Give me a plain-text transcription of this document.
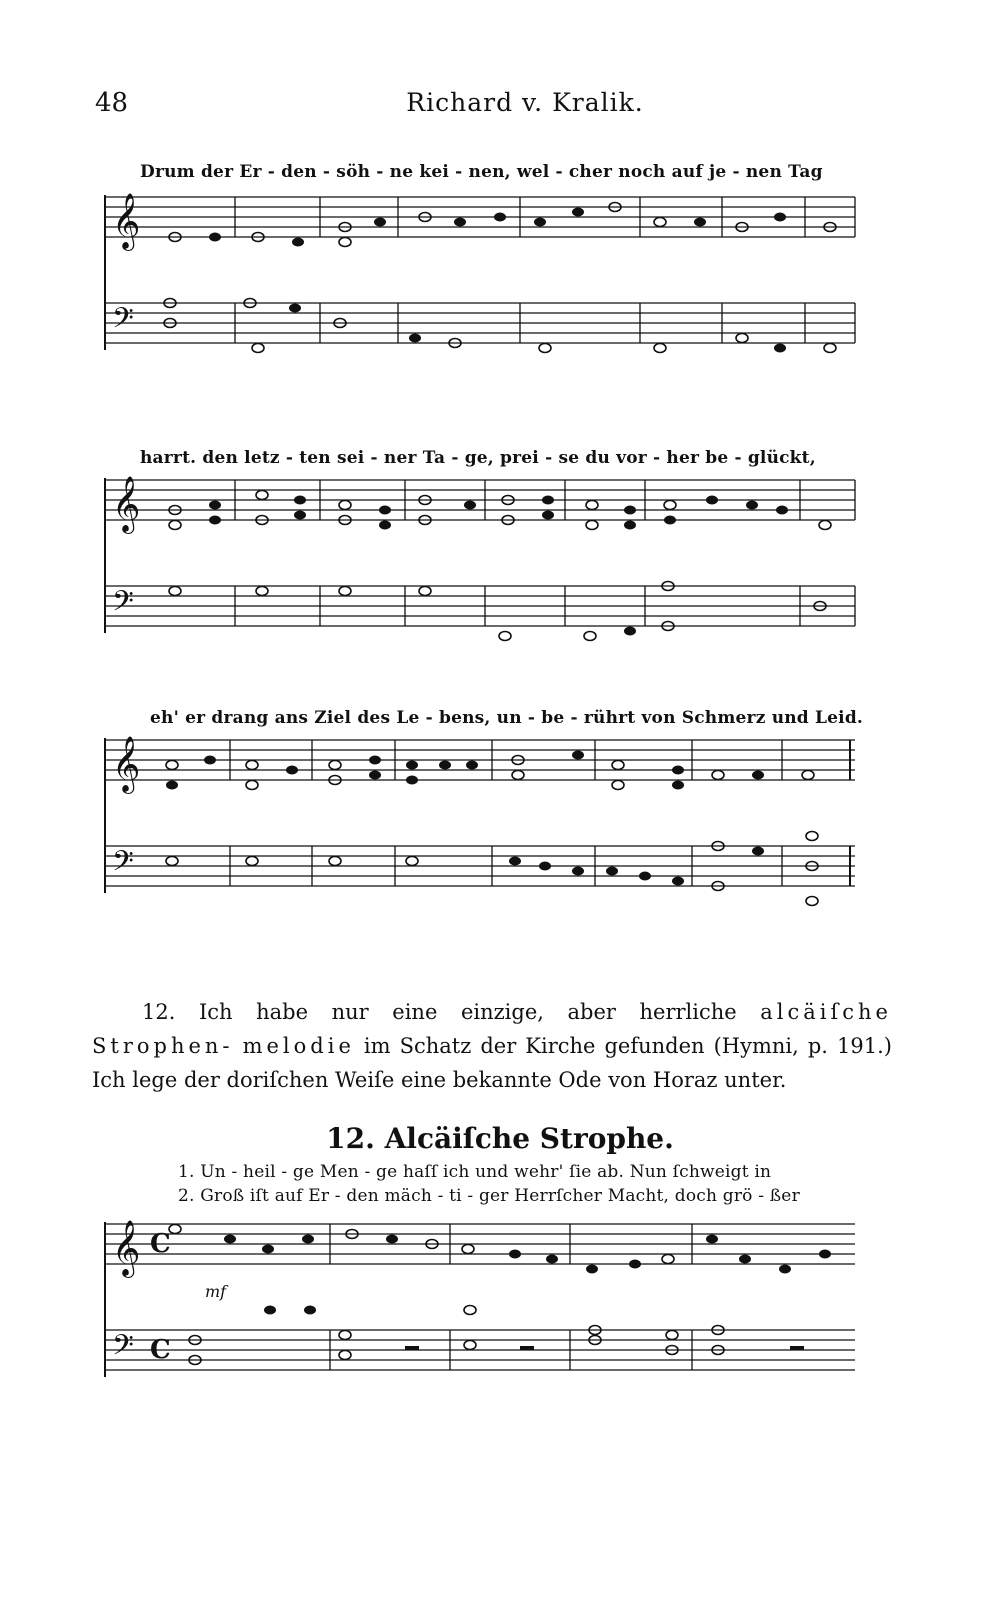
48	Richard v. Kralik.
Drum der Er - den - söh - ne kei - nen, wel - cher noch auf je - nen Tag
𝄞
𝄢
harrt. den letz - ten sei - ner Ta - ge, prei - se du vor - her be - glückt,
𝄞
𝄢
eh' er drang ans Ziel des Le - bens, un - be - rührt von Schmerz und Leid.
𝄞
𝄢
12. Ich habe nur eine einzige, aber herrliche alcäiſche Strophen- melodie im Schatz der Kirche gefunden (Hymni, p. 191.) Ich lege der doriſchen Weiſe eine bekannte Ode von Horaz unter.
12. Alcäiſche Strophe.
1. Un - heil - ge Men - ge haſſ ich und wehr' ſie ab. Nun ſchweigt in
2. Groß iſt auf Er - den mäch - ti - ger Herrſcher Macht, doch grö - ßer
𝄞
𝄢
C
C
mf
